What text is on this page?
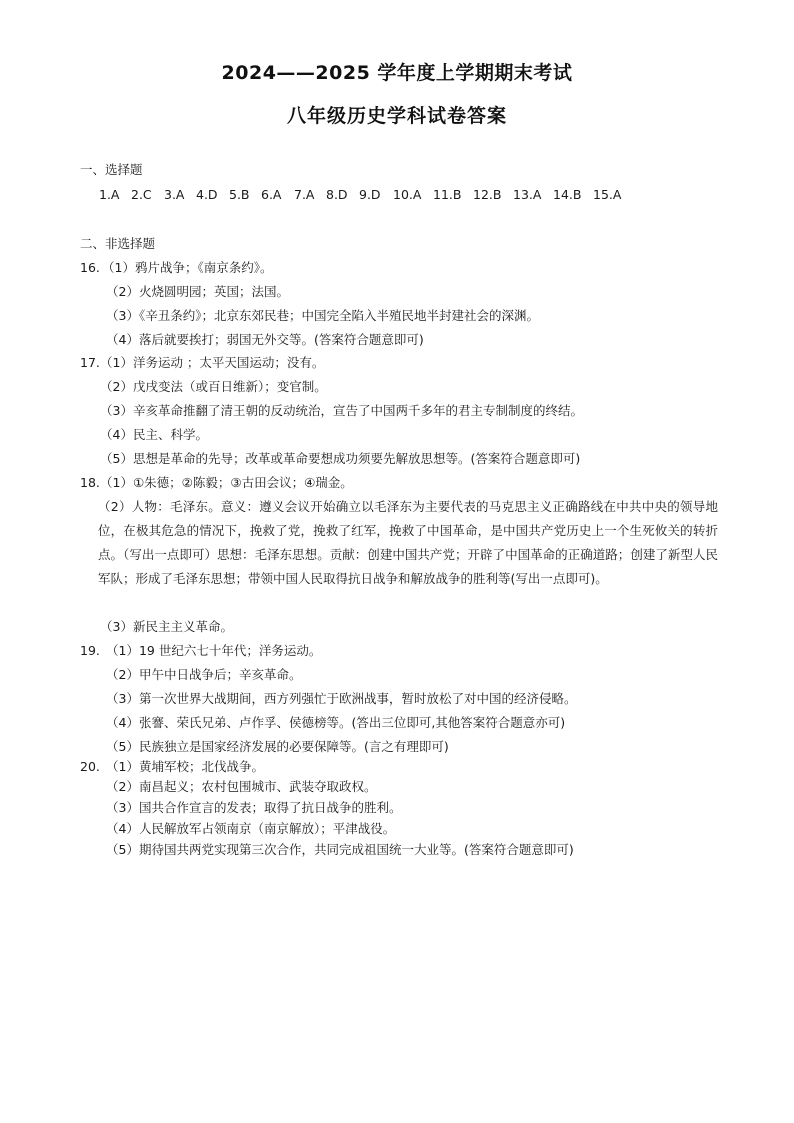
2024——2025 学年度上学期期末考试
八年级历史学科试卷答案
一、选择题
1.A 2.C 3.A 4.D 5.B 6.A	7.A 8.D 9.D 10.A 11.B 12.B 13.A 14.B 15.A
二、非选择题
16. （1）鸦片战争；《南京条约》。
（2）火烧圆明园；英国；法国。
（3）《辛丑条约》；北京东郊民巷；中国完全陷入半殖民地半封建社会的深渊。
（4）落后就要挨打；弱国无外交等。(答案符合题意即可)
17. （1）洋务运动 ；太平天国运动；没有。
（2）戊戌变法（或百日维新）；变官制。
（3）辛亥革命推翻了清王朝的反动统治，宣告了中国两千多年的君主专制制度的终结。
（4）民主、科学。
（5）思想是革命的先导；改革或革命要想成功须要先解放思想等。(答案符合题意即可)
18. （1）①朱德；②陈毅；③古田会议；④瑞金。
（2）人物：毛泽东。意义：遵义会议开始确立以毛泽东为主要代表的马克思主义正确路线在中共中央的领导地位，在极其危急的情况下，挽救了党，挽救了红军，挽救了中国革命，是中国共产党历史上一个生死攸关的转折点。（写出一点即可）思想：毛泽东思想。贡献：创建中国共产党；开辟了中国革命的正确道路；创建了新型人民军队；形成了毛泽东思想；带领中国人民取得抗日战争和解放战争的胜利等(写出一点即可)。
（3）新民主主义革命。
19. （1）19 世纪六七十年代；洋务运动。
（2）甲午中日战争后；辛亥革命。
（3）第一次世界大战期间，西方列强忙于欧洲战事，暂时放松了对中国的经济侵略。
（4）张謇、荣氏兄弟、卢作孚、侯德榜等。(答出三位即可,其他答案符合题意亦可)
（5）民族独立是国家经济发展的必要保障等。(言之有理即可)
20. （1）黄埔军校；北伐战争。
（2）南昌起义；农村包围城市、武装夺取政权。
（3）国共合作宣言的发表；取得了抗日战争的胜利。
（4）人民解放军占领南京（南京解放）；平津战役。
（5）期待国共两党实现第三次合作，共同完成祖国统一大业等。(答案符合题意即可)
